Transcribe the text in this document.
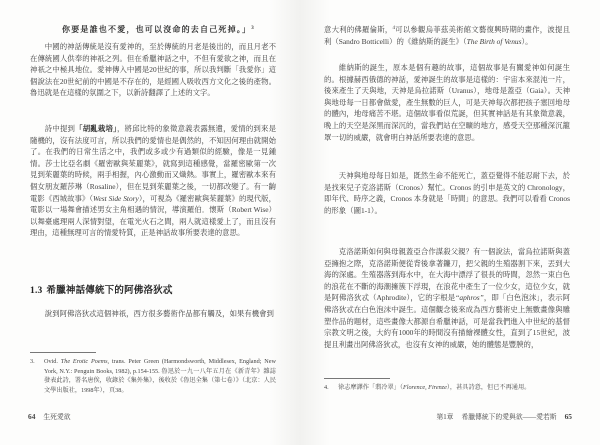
你要是誰也不愛，也可以沒命的去自己死掉。」$^3$

中國的神話傳統是沒有愛神的，至於傳統的月老是後出的，而且月老不在傳統國人供奉的神祇之列。但在希臘神話之中，不但有愛欲之神，而且在神祇之中極具地位。愛神傳入中國是20世紀的事，所以我判斷「我愛你」這個說法在20世紀前的中國是不存在的，是經國人吸收西方文化之後的產物。魯迅就是在這樣的氛圍之下，以新詩翻譯了上述的文字。

詩中提到「胡亂栽培」，將邱比特的象徵意義表露無遺，愛情的到來是隨機的，沒有法度可言，所以我們的愛情也是偶然的，不知因何理由就開始了。在我們的日常生活之中，我們或多或少有過類似的經驗，像是一見鍾情。莎士比亞名劇《羅密歐與茱麗葉》，就寫到這種感覺，當羅密歐第一次見到茱麗葉的時候，兩手相握，內心激動而又熾熱。事實上，羅密歐本來有個女朋友羅莎琳（Rosaline），但在見到茱麗葉之後，一切都改變了。有一齣電影《西城故事》（West Side Story），可視為《羅密歐與茱麗葉》的現代版，電影以一場舞會描述男女主角相遇的情況，導演羅伯．懷斯（Robert Wise）以舞臺處理兩人深情對望，在電光火石之間，兩人就這樣愛上了，而且沒有理由，這種無理可言的情愛特質，正是神話故事所要表達的意思。

1.3 希臘神話傳統下的阿佛洛狄忒

說到阿佛洛狄忒這個神祇，西方很多藝術作品都有觸及，如果有機會到

3. Ovid. The Erotic Poems, trans. Peter Green (Harmondsworth, Middlesex, England; New York, N.Y.: Penguin Books, 1982), p.154-155. 魯迅於一九一八年五月在《新青年》雜誌發表此詩，署名唐俟，收錄於《集外集》，後收於《魯迅全集（第七卷）》（北京：人民文學出版社，1998年），頁38。
64 生死愛欲

意大利的佛羅倫斯，$^4$可以參觀烏菲茲美術館文藝復興時期的畫作，波提且利（Sandro Botticelli）的《維納斯的誕生》（The Birth of Venus）。

維納斯的誕生，原本是個有趣的故事，這個故事是有關愛神如何誕生的。根據赫西俄德的神話，愛神誕生的故事是這樣的：宇宙本來混沌一片，後來產生了天與地，天神是烏拉諾斯（Uranus），地母是蓋亞（Gaia）。天神與地母每一日都會做愛，產生無數的巨人，可是天神每次都把孩子塞回地母的體內，地母痛苦不堪。這個故事看似荒誕，但其實神話是有其象徵意義，晚上的天空是深黑而深沉的，當我們站在空曠的地方，感受天空那種深沉籠罩一切的威嚴，就會明白神話所要表達的意思。

天神與地母每日如是，既然生命不能死亡，蓋亞覺得不能忍耐下去，於是找來兒子克洛諾斯（Cronos）幫忙。Cronos 的引申是英文的 Chronology，即年代、時序之義，Cronos 本身就是「時間」的意思。我們可以看看 Cronos 的形象（圖1-1）。

克洛諾斯如何與母親蓋亞合作謀殺父親？有一個說法，當烏拉諾斯與蓋亞擁抱之際，克洛諾斯便從背後拿著鐮刀，把父親的生殖器割下來，丟到大海的深處。生殖器落到海水中，在大海中漂浮了很長的時間，忽然一束白色的浪花在不斷的海潮擁簇下浮現，在浪花中產生了一位少女，這位少女，就是阿佛洛狄忒（Aphrodite），它的字根是“aphros”，即「白色泡沫」，表示阿佛洛狄忒在白色泡沫中誕生。這個觀念後來成為西方藝術史上無數畫像與雕塑作品的題材，這些畫像大都源自希臘神話，可是當我們進入中世紀的基督宗教文明之後，大約有1000年的時間沒有描繪裸體女性，直到了15世紀，波提且利畫出阿佛洛狄忒，也沒有女神的威嚴，她的體態是豐腴的，

4. 徐志摩譯作「翡冷翠」（Florence, Firenze），甚具詩意，但已不再通用。
第1章 希臘傳統下的愛與欲——愛若斯 65
